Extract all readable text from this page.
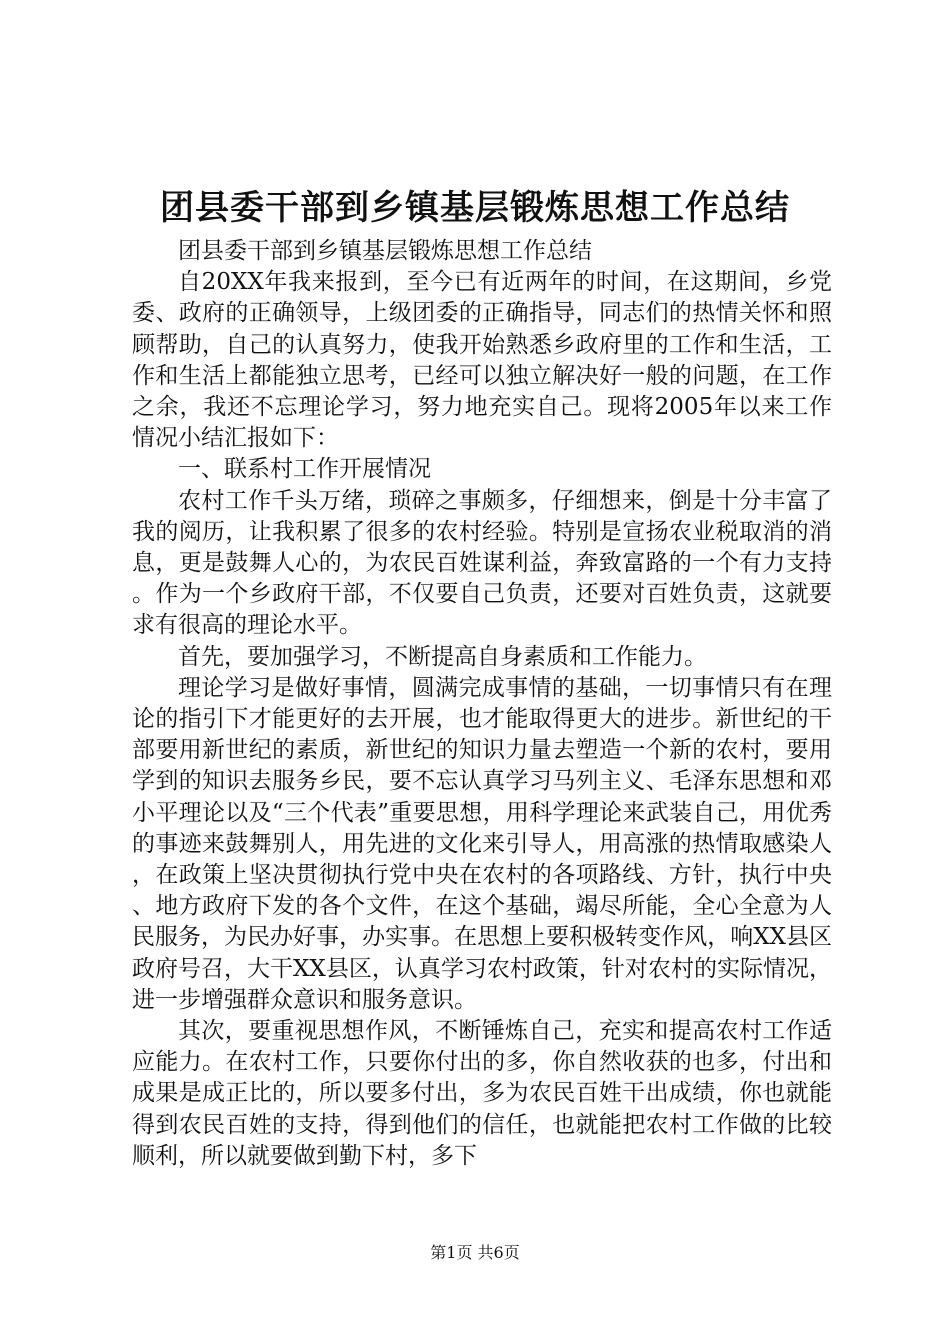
团县委干部到乡镇基层锻炼思想工作总结

团县委干部到乡镇基层锻炼思想工作总结

自20XX年我来报到，至今已有近两年的时间，在这期间，乡党委、政府的正确领导，上级团委的正确指导，同志们的热情关怀和照顾帮助，自己的认真努力，使我开始熟悉乡政府里的工作和生活，工作和生活上都能独立思考，已经可以独立解决好一般的问题，在工作之余，我还不忘理论学习，努力地充实自己。现将2005年以来工作情况小结汇报如下：

一、联系村工作开展情况

农村工作千头万绪，琐碎之事颇多，仔细想来，倒是十分丰富了我的阅历，让我积累了很多的农村经验。特别是宣扬农业税取消的消息，更是鼓舞人心的，为农民百姓谋利益，奔致富路的一个有力支持。作为一个乡政府干部，不仅要自己负责，还要对百姓负责，这就要求有很高的理论水平。

首先，要加强学习，不断提高自身素质和工作能力。

理论学习是做好事情，圆满完成事情的基础，一切事情只有在理论的指引下才能更好的去开展，也才能取得更大的进步。新世纪的干部要用新世纪的素质，新世纪的知识力量去塑造一个新的农村，要用学到的知识去服务乡民，要不忘认真学习马列主义、毛泽东思想和邓小平理论以及“三个代表”重要思想，用科学理论来武装自己，用优秀的事迹来鼓舞别人，用先进的文化来引导人，用高涨的热情取感染人，在政策上坚决贯彻执行党中央在农村的各项路线、方针，执行中央、地方政府下发的各个文件，在这个基础，竭尽所能，全心全意为人民服务，为民办好事，办实事。在思想上要积极转变作风，响XX县区政府号召，大干XX县区，认真学习农村政策，针对农村的实际情况，进一步增强群众意识和服务意识。

其次，要重视思想作风，不断锤炼自己，充实和提高农村工作适应能力。在农村工作，只要你付出的多，你自然收获的也多，付出和成果是成正比的，所以要多付出，多为农民百姓干出成绩，你也就能得到农民百姓的支持，得到他们的信任，也就能把农村工作做的比较顺利，所以就要做到勤下村，多下

第1页 共6页
